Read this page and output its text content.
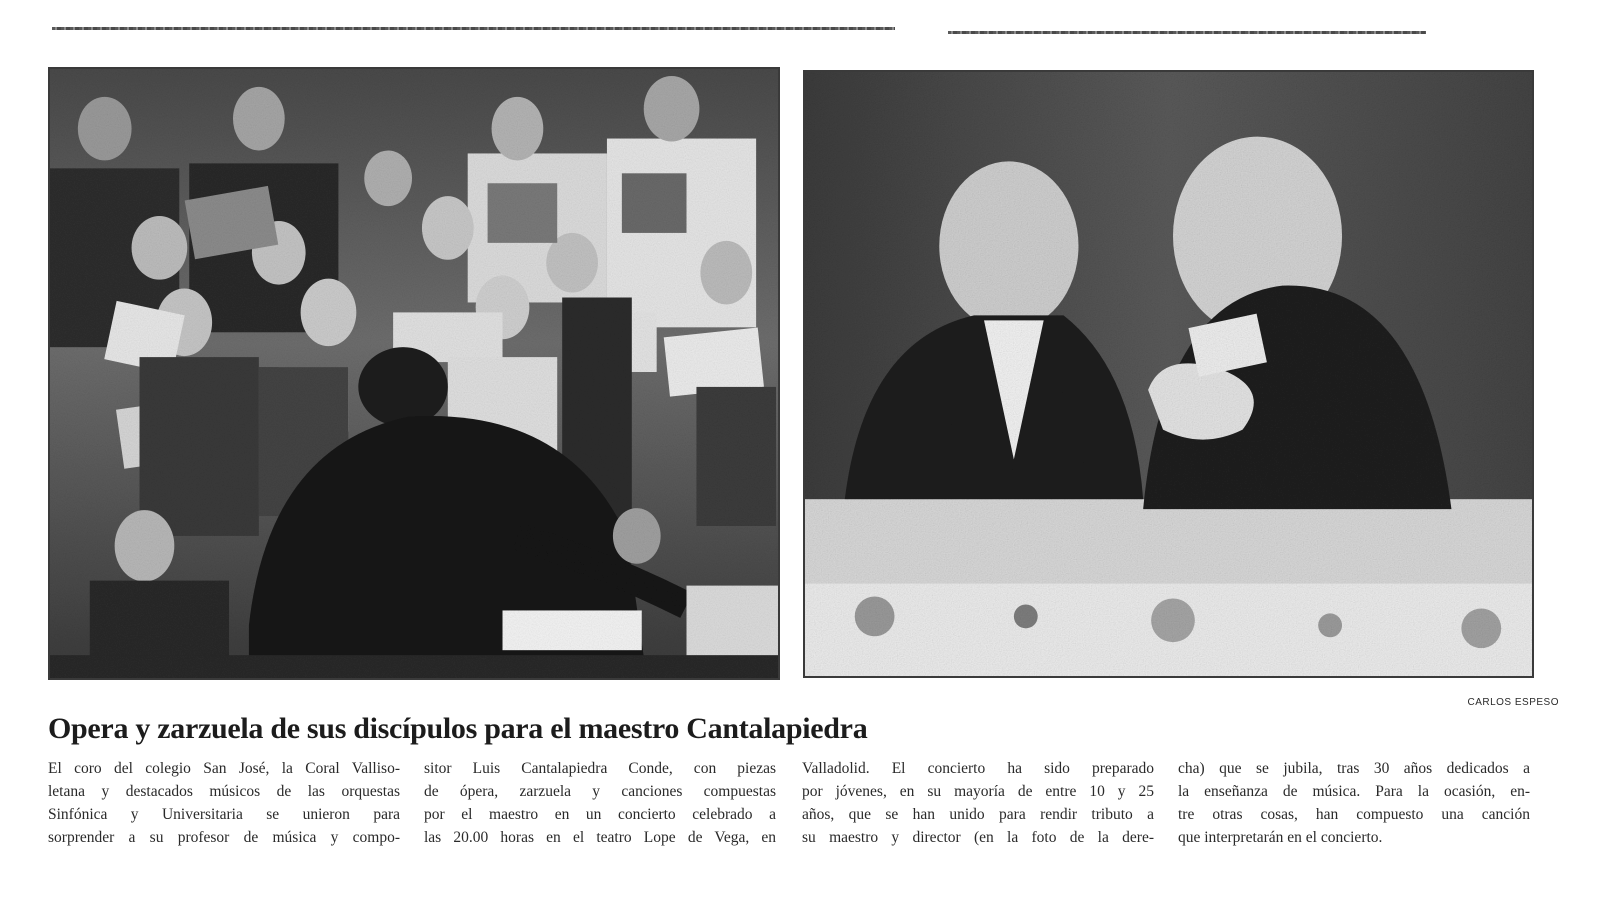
CARLOS ESPESO
Opera y zarzuela de sus discípulos para el maestro Cantalapiedra
El coro del colegio San José, la Coral Valliso-
letana y destacados músicos de las orquestas
Sinfónica y Universitaria se unieron para
sorprender a su profesor de música y compo-
sitor Luis Cantalapiedra Conde, con piezas
de ópera, zarzuela y canciones compuestas
por el maestro en un concierto celebrado a
las 20.00 horas en el teatro Lope de Vega, en
Valladolid. El concierto ha sido preparado
por jóvenes, en su mayoría de entre 10 y 25
años, que se han unido para rendir tributo a
su maestro y director (en la foto de la dere-
cha) que se jubila, tras 30 años dedicados a
la enseñanza de música. Para la ocasión, en-
tre otras cosas, han compuesto una canción
que interpretarán en el concierto.
